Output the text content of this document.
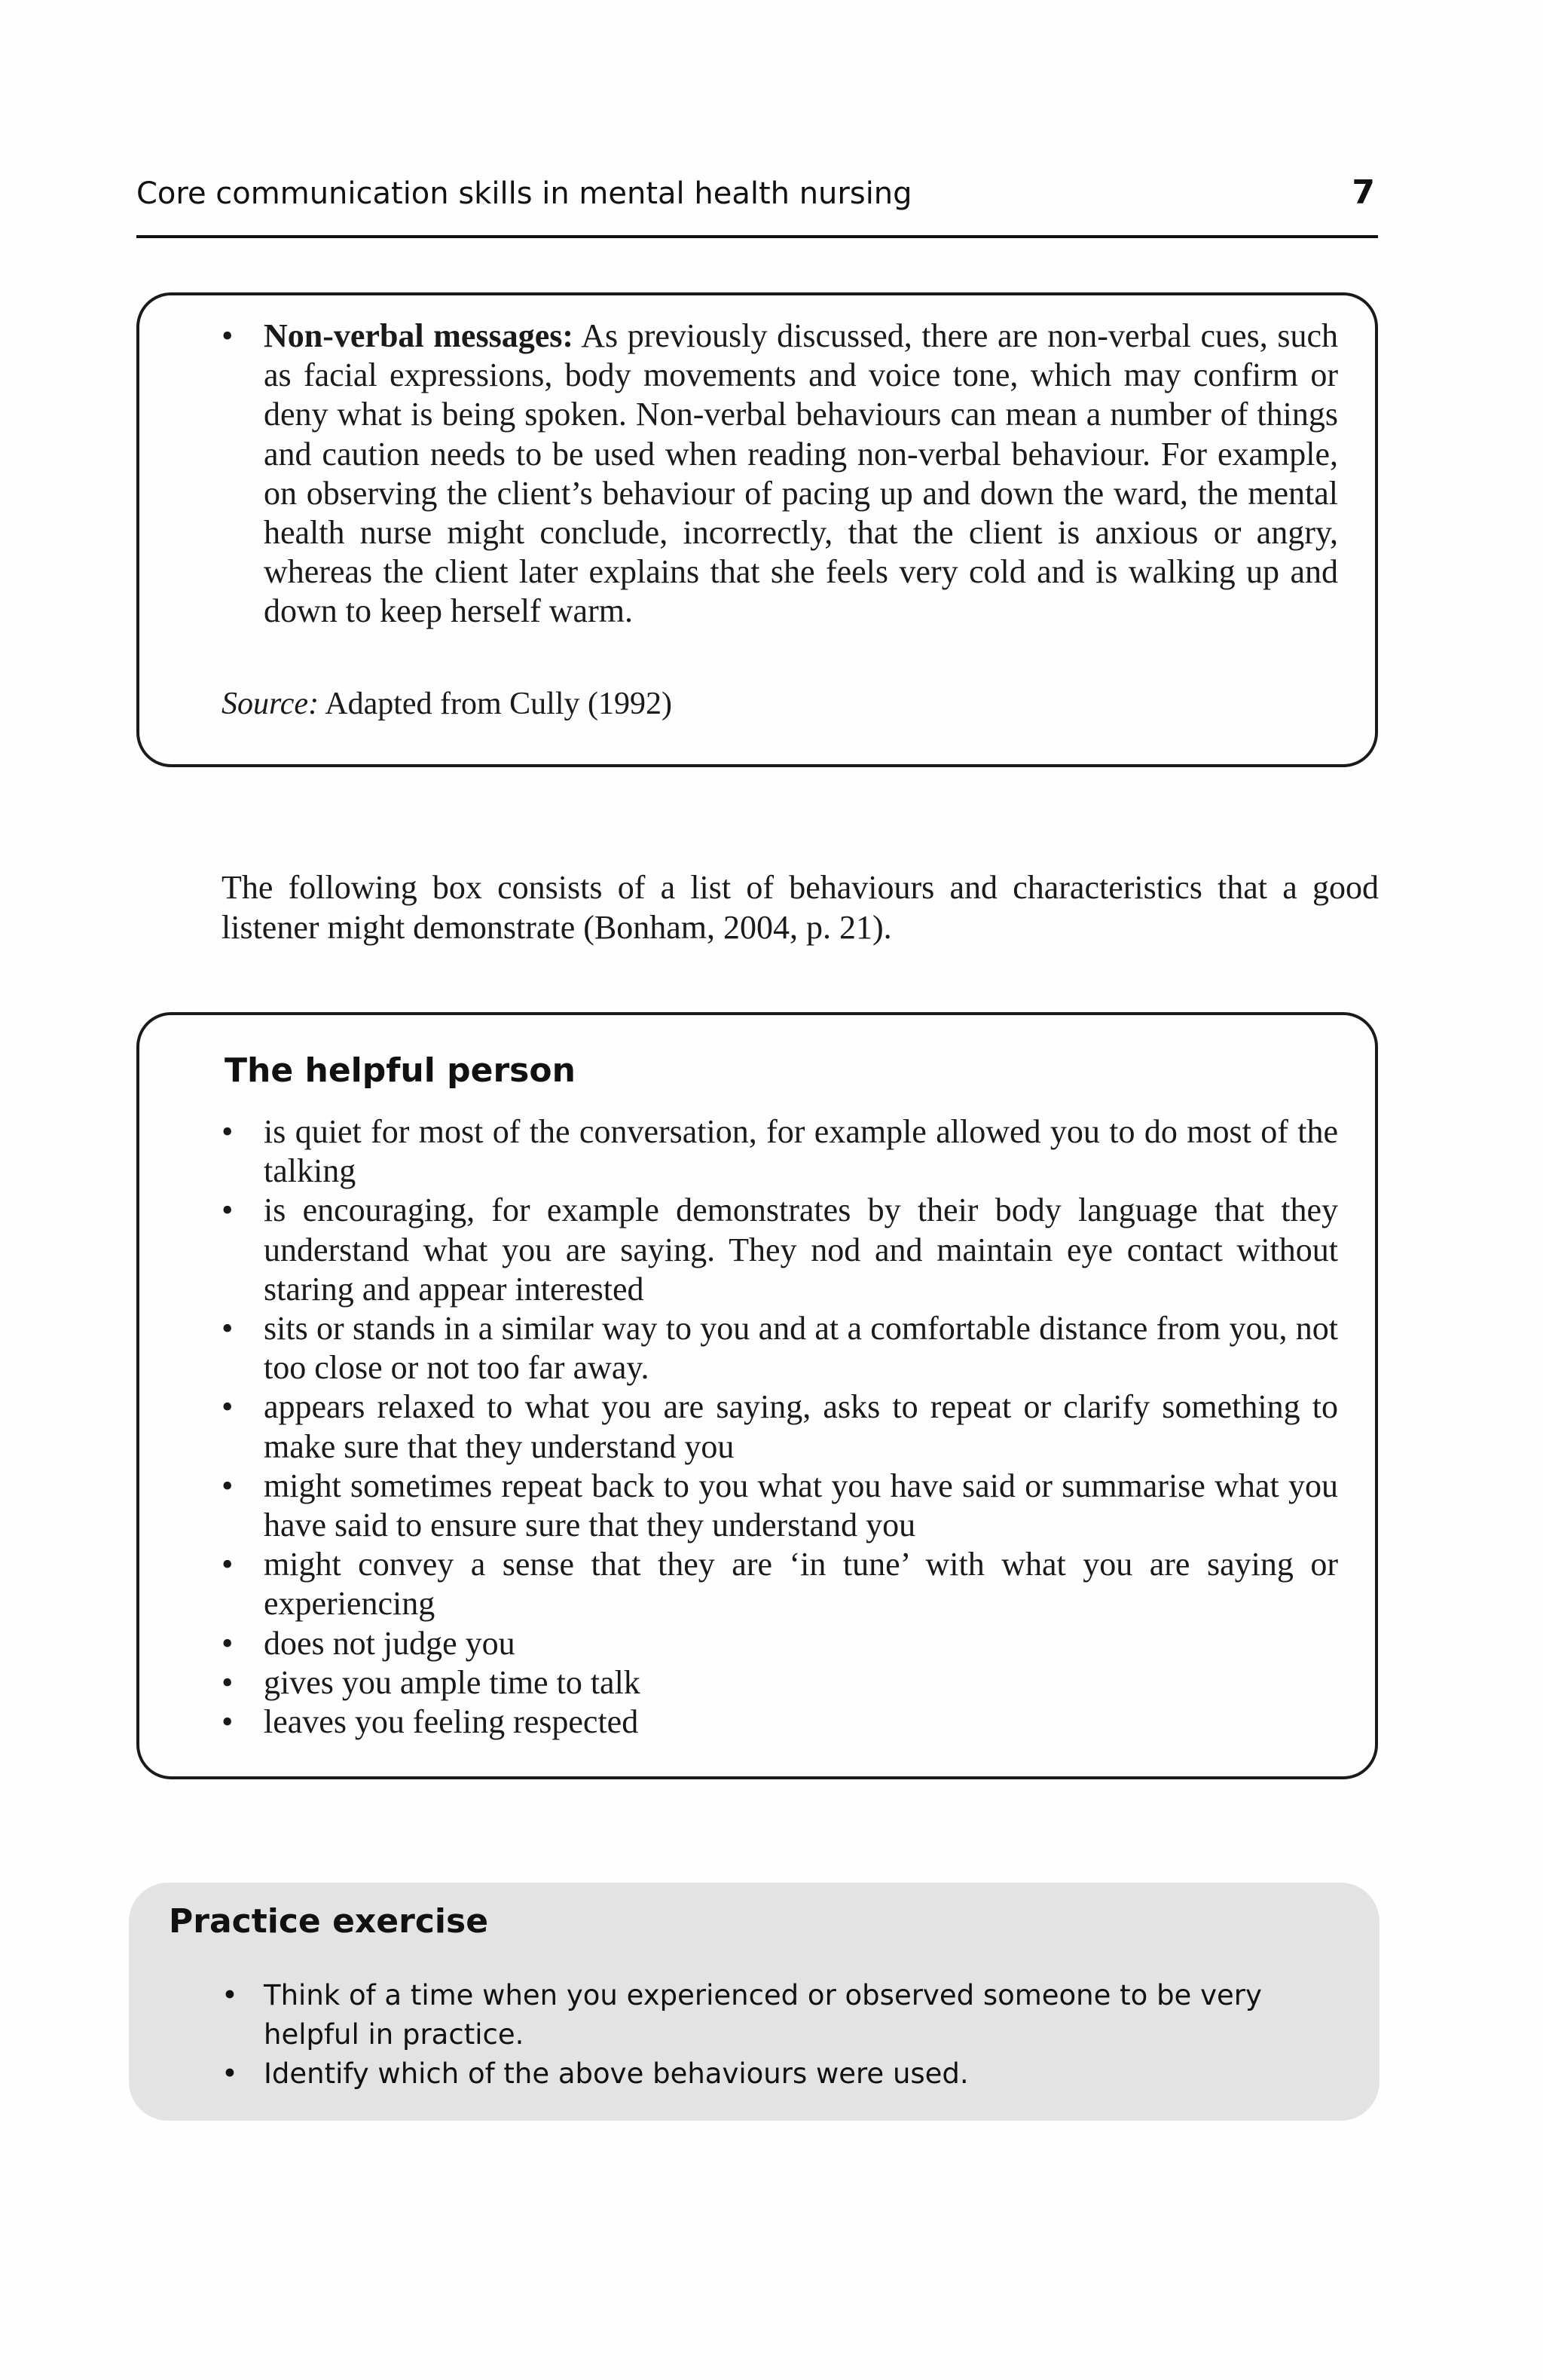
Core communication skills in mental health nursing	7
• Non-verbal messages: As previously discussed, there are non-verbal cues, such as facial expressions, body movements and voice tone, which may confirm or deny what is being spoken. Non-verbal behaviours can mean a number of things and caution needs to be used when reading non-verbal behaviour. For example, on observing the client’s behaviour of pacing up and down the ward, the mental health nurse might conclude, incorrectly, that the client is anxious or angry, whereas the client later explains that she feels very cold and is walking up and down to keep herself warm.
Source: Adapted from Cully (1992)

The following box consists of a list of behaviours and characteristics that a good listener might demonstrate (Bonham, 2004, p. 21).

The helpful person
• is quiet for most of the conversation, for example allowed you to do most of the talking
• is encouraging, for example demonstrates by their body language that they understand what you are saying. They nod and maintain eye contact without staring and appear interested
• sits or stands in a similar way to you and at a comfortable distance from you, not too close or not too far away.
• appears relaxed to what you are saying, asks to repeat or clarify something to make sure that they understand you
• might sometimes repeat back to you what you have said or summarise what you have said to ensure sure that they understand you
• might convey a sense that they are ‘in tune’ with what you are saying or experiencing
• does not judge you
• gives you ample time to talk
• leaves you feeling respected
Practice exercise
• Think of a time when you experienced or observed someone to be very helpful in practice.
• Identify which of the above behaviours were used.
